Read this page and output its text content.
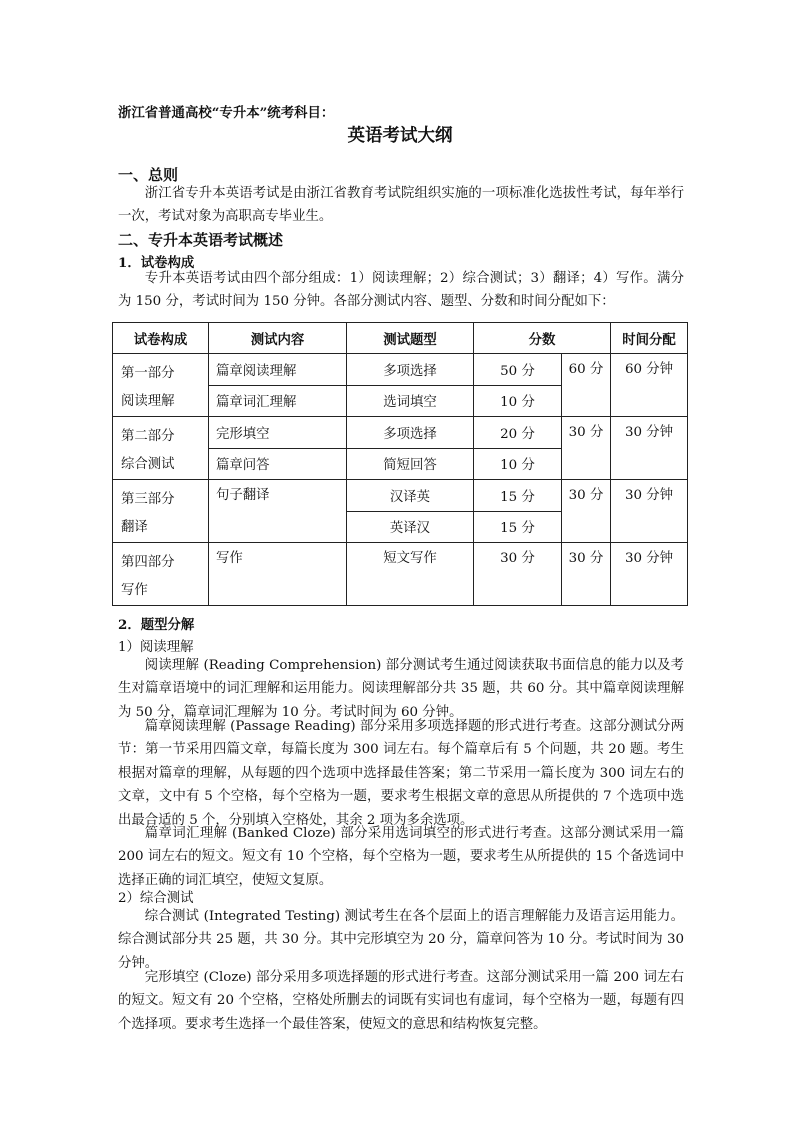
浙江省普通高校“专升本”统考科目：
英语考试大纲
一、总则
浙江省专升本英语考试是由浙江省教育考试院组织实施的一项标准化选拔性考试，每年举行一次，考试对象为高职高专毕业生。
二、专升本英语考试概述
1．试卷构成
专升本英语考试由四个部分组成：1）阅读理解；2）综合测试；3）翻译；4）写作。满分为 150 分，考试时间为 150 分钟。各部分测试内容、题型、分数和时间分配如下：
试卷构成	测试内容	测试题型	分数		时间分配
第一部分
阅读理解	篇章阅读理解	多项选择	50 分	60 分	60 分钟
	篇章词汇理解	选词填空	10 分		
第二部分
综合测试	完形填空	多项选择	20 分	30 分	30 分钟
	篇章问答	简短回答	10 分		
第三部分
翻译	句子翻译	汉译英	15 分	30 分	30 分钟
		英译汉	15 分		
第四部分
写作	写作	短文写作	30 分	30 分	30 分钟
2．题型分解
1）阅读理解
阅读理解 (Reading Comprehension) 部分测试考生通过阅读获取书面信息的能力以及考生对篇章语境中的词汇理解和运用能力。阅读理解部分共 35 题，共 60 分。其中篇章阅读理解为 50 分，篇章词汇理解为 10 分。考试时间为 60 分钟。
篇章阅读理解 (Passage Reading) 部分采用多项选择题的形式进行考查。这部分测试分两节：第一节采用四篇文章，每篇长度为 300 词左右。每个篇章后有 5 个问题，共 20 题。考生根据对篇章的理解，从每题的四个选项中选择最佳答案；第二节采用一篇长度为 300 词左右的文章，文中有 5 个空格，每个空格为一题，要求考生根据文章的意思从所提供的 7 个选项中选出最合适的 5 个，分别填入空格处，其余 2 项为多余选项。
篇章词汇理解 (Banked Cloze) 部分采用选词填空的形式进行考查。这部分测试采用一篇 200 词左右的短文。短文有 10 个空格，每个空格为一题，要求考生从所提供的 15 个备选词中选择正确的词汇填空，使短文复原。
2）综合测试
综合测试 (Integrated Testing) 测试考生在各个层面上的语言理解能力及语言运用能力。综合测试部分共 25 题，共 30 分。其中完形填空为 20 分，篇章问答为 10 分。考试时间为 30 分钟。
完形填空 (Cloze) 部分采用多项选择题的形式进行考查。这部分测试采用一篇 200 词左右的短文。短文有 20 个空格，空格处所删去的词既有实词也有虚词，每个空格为一题，每题有四个选择项。要求考生选择一个最佳答案，使短文的意思和结构恢复完整。
